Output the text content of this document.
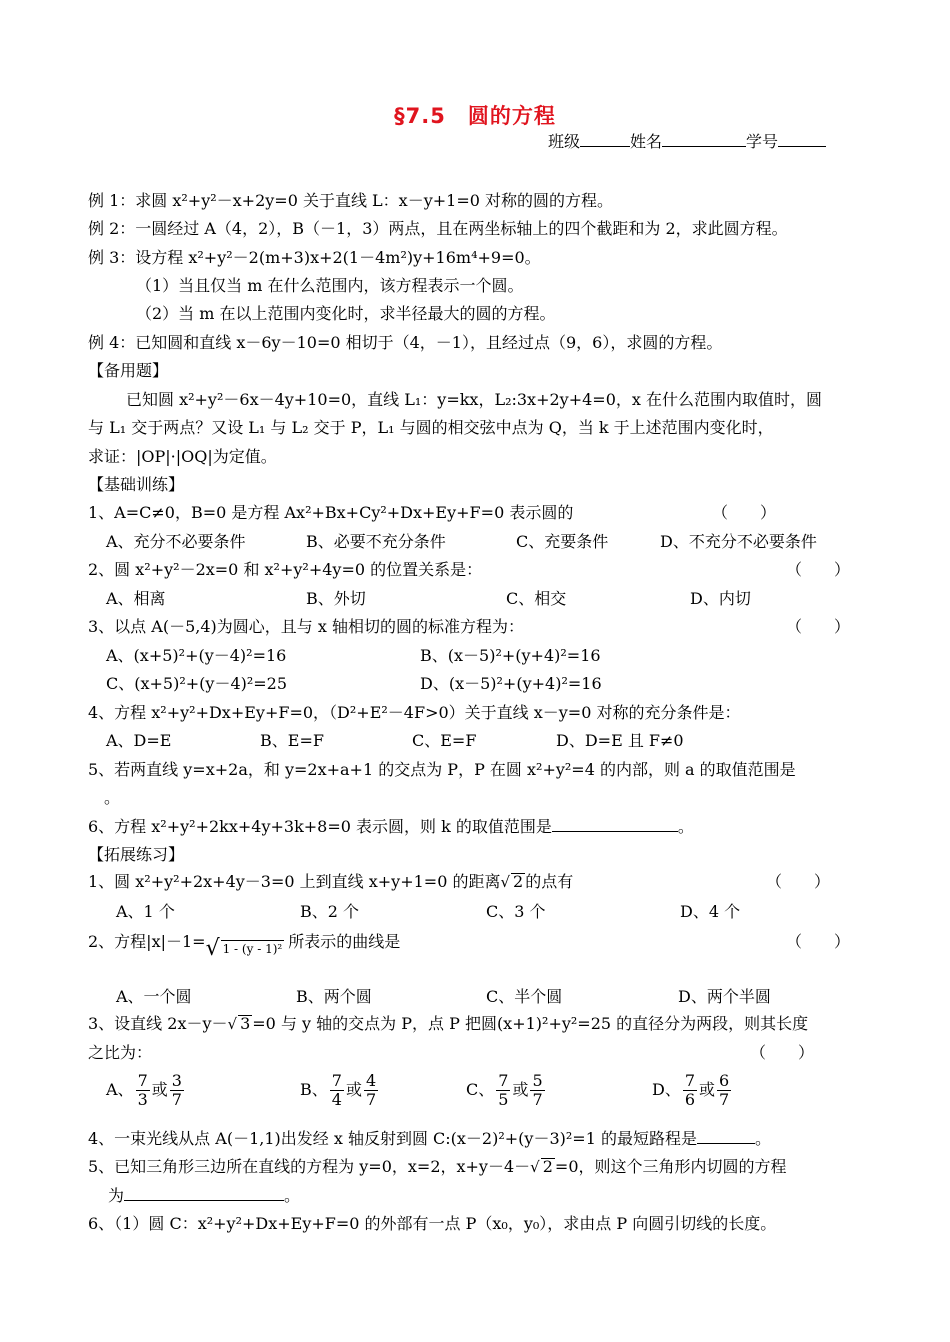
§7.5　圆的方程
班级	姓名	学号
例 1：求圆 x²+y²－x+2y=0 关于直线 L：x－y+1=0 对称的圆的方程。
例 2：一圆经过 A（4，2），B（－1，3）两点，且在两坐标轴上的四个截距和为 2，求此圆方程。
例 3：设方程 x²+y²－2(m+3)x+2(1－4m²)y+16m⁴+9=0。
（1）当且仅当 m 在什么范围内，该方程表示一个圆。
（2）当 m 在以上范围内变化时，求半径最大的圆的方程。
例 4：已知圆和直线 x－6y－10=0 相切于（4，－1），且经过点（9，6），求圆的方程。
【备用题】
已知圆 x²+y²－6x－4y+10=0，直线 L₁：y=kx，L₂:3x+2y+4=0，x 在什么范围内取值时，圆
与 L₁ 交于两点？又设 L₁ 与 L₂ 交于 P，L₁ 与圆的相交弦中点为 Q，当 k 于上述范围内变化时，
求证：|OP|·|OQ|为定值。
【基础训练】
1、A=C≠0，B=0 是方程 Ax²+Bx+Cy²+Dx+Ey+F=0 表示圆的	（　　）
A、充分不必要条件	B、必要不充分条件	C、充要条件	D、不充分不必要条件
2、圆 x²+y²－2x=0 和 x²+y²+4y=0 的位置关系是：	（　　）
A、相离	B、外切	C、相交	D、内切
3、以点 A(－5,4)为圆心，且与 x 轴相切的圆的标准方程为：	（　　）
A、(x+5)²+(y－4)²=16	B、(x－5)²+(y+4)²=16
C、(x+5)²+(y－4)²=25	D、(x－5)²+(y+4)²=16
4、方程 x²+y²+Dx+Ey+F=0，（D²+E²－4F>0）关于直线 x－y=0 对称的充分条件是：
A、D=E	B、E=F	C、E=F	D、D=E 且 F≠0
5、若两直线 y=x+2a，和 y=2x+a+1 的交点为 P，P 在圆 x²+y²=4 的内部，则 a 的取值范围是
。
6、方程 x²+y²+2kx+4y+3k+8=0 表示圆，则 k 的取值范围是	。
【拓展练习】
1、圆 x²+y²+2x+4y－3=0 上到直线 x+y+1=0 的距离√ 2 的点有	（　　）
A、1 个	B、2 个	C、3 个	D、4 个
2、方程|x|－1=√ 1 - (y - 1)² 所表示的曲线是	（　　）
A、一个圆	B、两个圆	C、半个圆	D、两个半圆
3、设直线 2x－y－√ 3 =0 与 y 轴的交点为 P，点 P 把圆(x+1)²+y²=25 的直径分为两段，则其长度
之比为：	（　　）
A、 $\frac{7}{3}$ 或 $\frac{3}{7}$	B、 $\frac{7}{4}$ 或 $\frac{4}{7}$	C、 $\frac{7}{5}$ 或 $\frac{5}{7}$	D、 $\frac{7}{6}$ 或 $\frac{6}{7}$
4、一束光线从点 A(－1,1)出发经 x 轴反射到圆 C:(x－2)²+(y－3)²=1 的最短路程是	。
5、已知三角形三边所在直线的方程为 y=0，x=2，x+y－4－√ 2 =0，则这个三角形内切圆的方程
为	。
6、（1）圆 C：x²+y²+Dx+Ey+F=0 的外部有一点 P（x₀，y₀），求由点 P 向圆引切线的长度。
